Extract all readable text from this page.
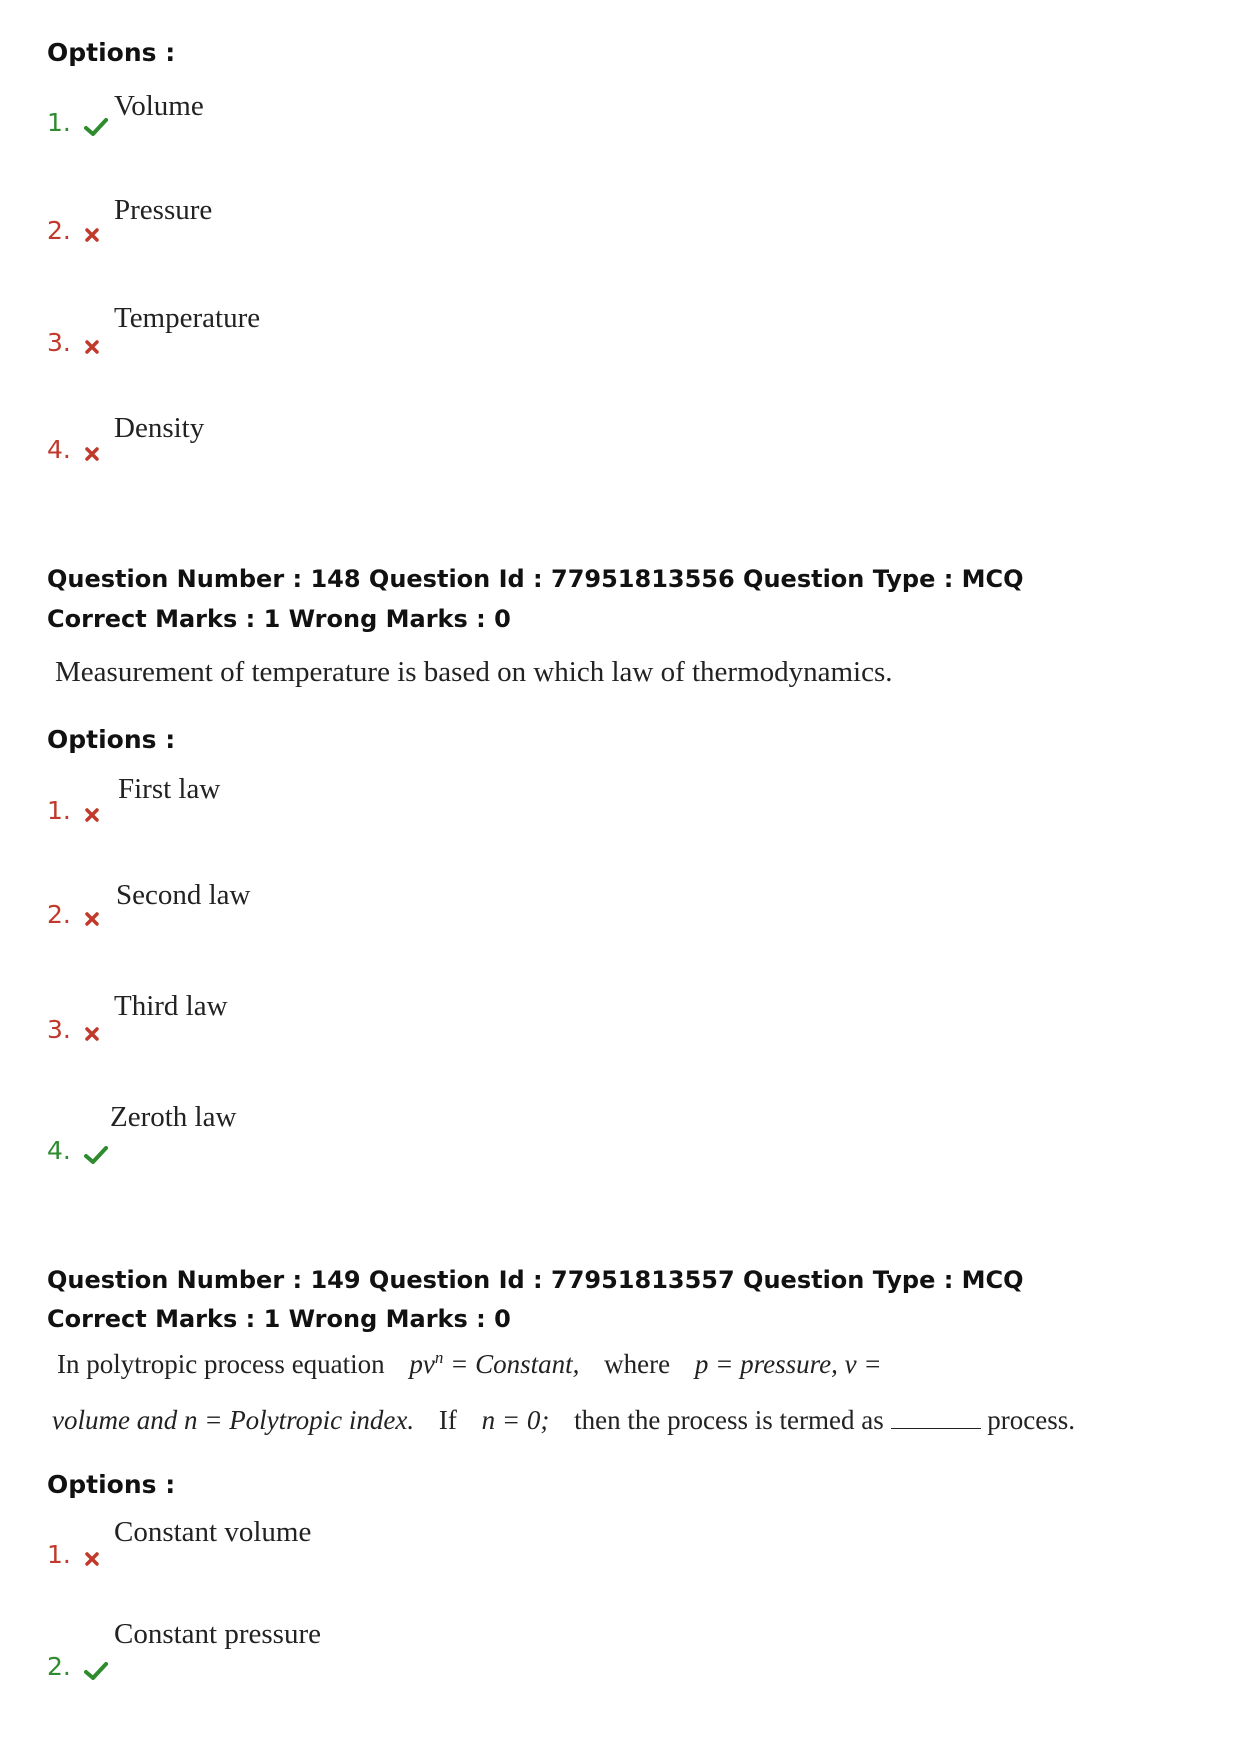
Options :
1.
Volume
2.
Pressure
3.
Temperature
4.
Density
Question Number : 148 Question Id : 77951813556 Question Type : MCQ
Correct Marks : 1 Wrong Marks : 0
Measurement of temperature is based on which law of thermodynamics.
Options :
1.
First law
2.
Second law
3.
Third law
4.
Zeroth law
Question Number : 149 Question Id : 77951813557 Question Type : MCQ
Correct Marks : 1 Wrong Marks : 0
In polytropic process equation $pv^n$ = Constant, where p = pressure, v =
volume and n = Polytropic index. If n = 0; then the process is termed as	process.
Options :
1.
Constant volume
2.
Constant pressure
